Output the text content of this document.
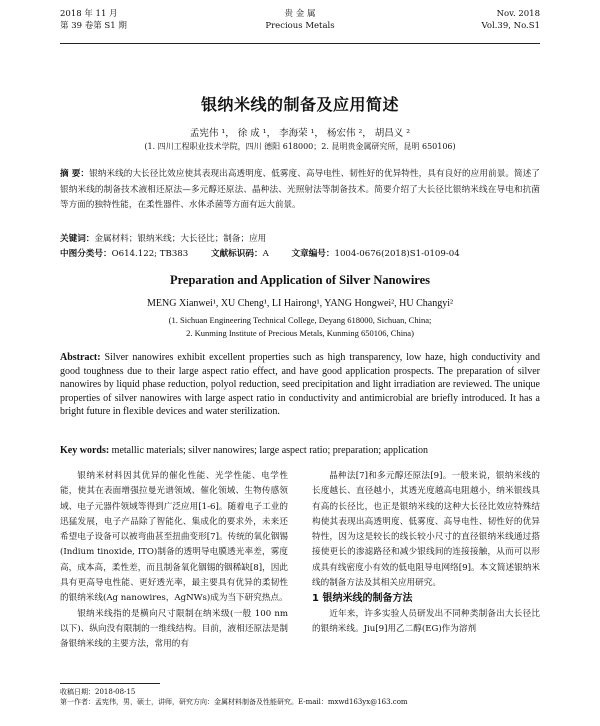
2018 年 11 月
第 39 卷第 S1 期
贵 金 属
Precious Metals
Nov. 2018
Vol.39, No.S1
银纳米线的制备及应用简述
孟宪伟 ¹， 徐 成 ¹， 李海荣 ¹， 杨宏伟 ²， 胡昌义 ²
(1. 四川工程职业技术学院，四川 德阳 618000；2. 昆明贵金属研究所，昆明 650106)
摘 要：银纳米线的大长径比效应使其表现出高透明度、低雾度、高导电性、韧性好的优异特性，具有良好的应用前景。简述了银纳米线的制备技术液相还原法—多元醇还原法、晶种法、光照射法等制备技术。简要介绍了大长径比银纳米线在导电和抗菌等方面的独特性能，在柔性器件、水体杀菌等方面有远大前景。
关键词：金属材料；银纳米线；大长径比；制备；应用
中图分类号：O614.122; TB383	文献标识码：A	文章编号：1004-0676(2018)S1-0109-04
Preparation and Application of Silver Nanowires
MENG Xianwei¹, XU Cheng¹, LI Hairong¹, YANG Hongwei², HU Changyi²
(1. Sichuan Engineering Technical College, Deyang 618000, Sichuan, China;
2. Kunming Institute of Precious Metals, Kunming 650106, China)
Abstract: Silver nanowires exhibit excellent properties such as high transparency, low haze, high conductivity and good toughness due to their large aspect ratio effect, and have good application prospects. The preparation of silver nanowires by liquid phase reduction, polyol reduction, seed precipitation and light irradiation are reviewed. The unique properties of silver nanowires with large aspect ratio in conductivity and antimicrobial are briefly introduced. It has a bright future in flexible devices and water sterilization.
Key words: metallic materials; silver nanowires; large aspect ratio; preparation; application

银纳米材料因其优异的催化性能、光学性能、电学性能，使其在表面增强拉曼光谱领域、催化领域、生物传感领域、电子元器件领域等得到广泛应用[1-6]。随着电子工业的迅猛发展，电子产品除了智能化、集成化的要求外，未来还希望电子设备可以被弯曲甚至扭曲变形[7]。传统的氧化铟锡(Indium tinoxide, ITO)制备的透明导电膜透光率差，雾度高，成本高，柔性差，而且制备氧化铟锡的铟稀缺[8]，因此具有更高导电性能、更好透光率，最主要具有优异的柔韧性的银纳米线(Ag nanowires，AgNWs)成为当下研究热点。

银纳米线指的是横向尺寸限制在纳米级(一般 100 nm 以下)、纵向没有限制的一维线结构。目前，液相还原法是制备银纳米线的主要方法，常用的有

晶种法[7]和多元醇还原法[9]。一般来说，银纳米线的长度越长、直径越小，其透光度越高电阻越小，纳米银线具有高的长径比，也正是银纳米线的这种大长径比效应特殊结构使其表现出高透明度、低雾度、高导电性、韧性好的优异特性，因为这是较长的线长较小尺寸的直径银纳米线通过搭接使更长的渗滤路径和减少银线间的连接接触，从而可以形成具有线密度小有效的低电阻导电网络[9]。本文简述银纳米线的制备方法及其相关应用研究。

1 银纳米线的制备方法

近年来，许多实验人员研发出不同种类制备出大长径比的银纳米线。Jiu[9]用乙二醇(EG)作为溶剂

收稿日期：2018-08-15
第一作者：孟宪伟，男，硕士，讲师，研究方向：金属材料制备及性能研究。E-mail：mxwd163yx@163.com
